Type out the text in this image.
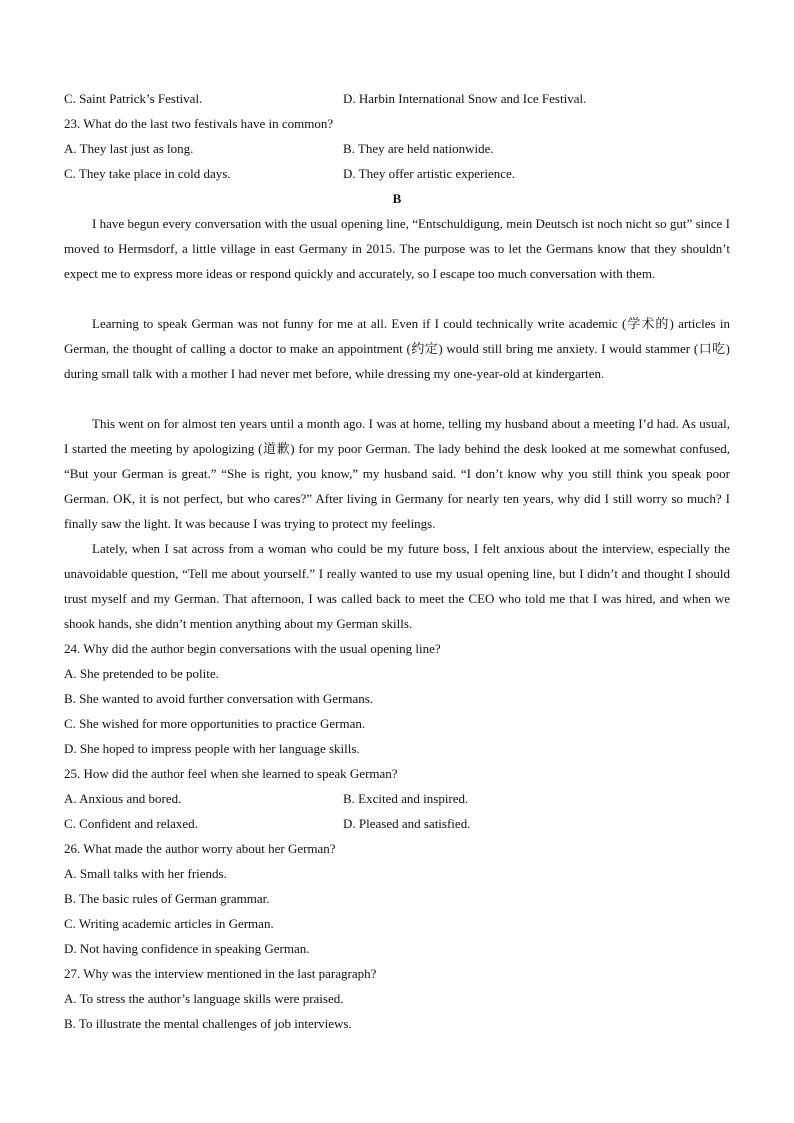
C. Saint Patrick’s Festival.	D. Harbin International Snow and Ice Festival.
23. What do the last two festivals have in common?
A. They last just as long.	B. They are held nationwide.
C. They take place in cold days.	D. They offer artistic experience.
B

I have begun every conversation with the usual opening line, “Entschuldigung, mein Deutsch ist noch nicht so gut” since I moved to Hermsdorf, a little village in east Germany in 2015. The purpose was to let the Germans know that they shouldn’t expect me to express more ideas or respond quickly and accurately, so I escape too much conversation with them.

Learning to speak German was not funny for me at all. Even if I could technically write academic (学术的) articles in German, the thought of calling a doctor to make an appointment (约定) would still bring me anxiety. I would stammer (口吃) during small talk with a mother I had never met before, while dressing my one-year-old at kindergarten.

This went on for almost ten years until a month ago. I was at home, telling my husband about a meeting I’d had. As usual, I started the meeting by apologizing (道歉) for my poor German. The lady behind the desk looked at me somewhat confused, “But your German is great.” “She is right, you know,” my husband said. “I don’t know why you still think you speak poor German. OK, it is not perfect, but who cares?” After living in Germany for nearly ten years, why did I still worry so much? I finally saw the light. It was because I was trying to protect my feelings.

Lately, when I sat across from a woman who could be my future boss, I felt anxious about the interview, especially the unavoidable question, “Tell me about yourself.” I really wanted to use my usual opening line, but I didn’t and thought I should trust myself and my German. That afternoon, I was called back to meet the CEO who told me that I was hired, and when we shook hands, she didn’t mention anything about my German skills.

24. Why did the author begin conversations with the usual opening line?
A. She pretended to be polite.
B. She wanted to avoid further conversation with Germans.
C. She wished for more opportunities to practice German.
D. She hoped to impress people with her language skills.
25. How did the author feel when she learned to speak German?
A. Anxious and bored.	B. Excited and inspired.
C. Confident and relaxed.	D. Pleased and satisfied.
26. What made the author worry about her German?
A. Small talks with her friends.
B. The basic rules of German grammar.
C. Writing academic articles in German.
D. Not having confidence in speaking German.
27. Why was the interview mentioned in the last paragraph?
A. To stress the author’s language skills were praised.
B. To illustrate the mental challenges of job interviews.
